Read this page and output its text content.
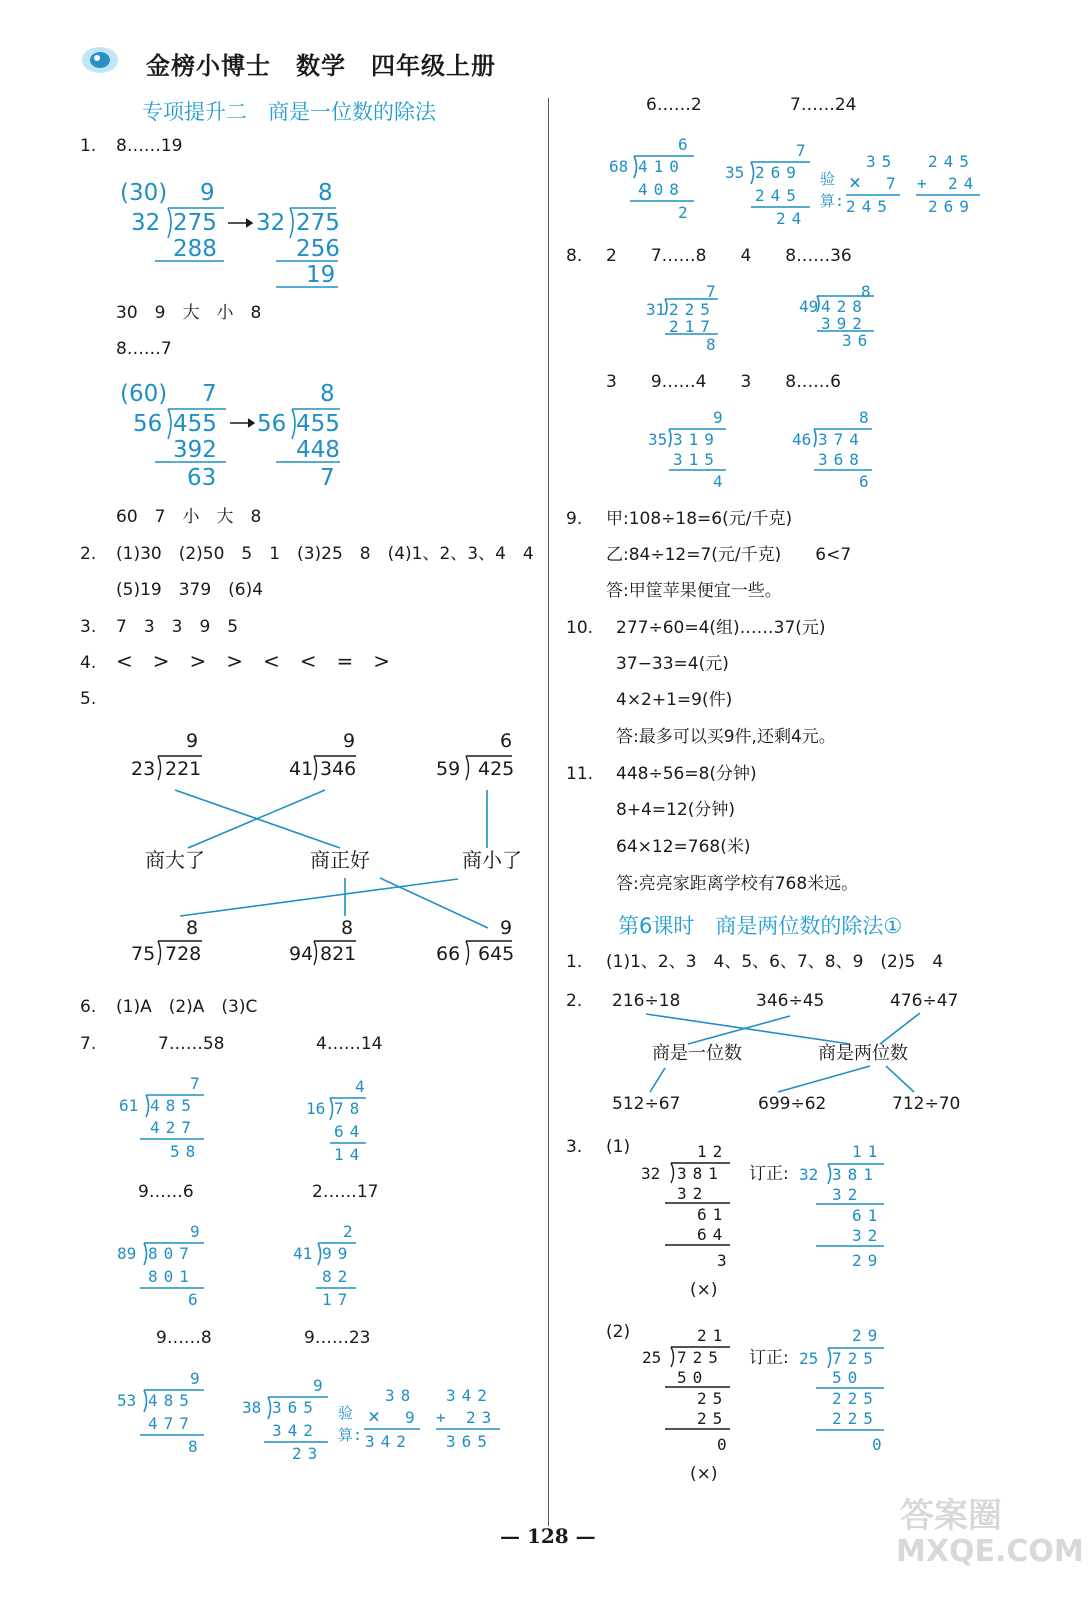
金榜小博士　数学　四年级上册
专项提升二　商是一位数的除法
1. 8……19
(30) 9
32 275
288
8
32 275
256
19
30　9　大　小　8
8……7
(60) 7
56 455
392
63
8
56 455
448
7
60　7　小　大　8
2. (1)30　(2)50　5　1　(3)25　8　(4)1、2、3、4　4
(5)19　379　(6)4
3. 7　3　3　9　5
4. <　>　>　>　<　<　=　>
5.
9
23 221
9
41 346
6
59 425
商大了	商正好	商小了
8
75 728
8
94 821
9
66 645
6. (1)A　(2)A　(3)C
7.	7……58	4……14
9……6	2……17
9……8	9……23
7
61 485
427
58
4
16 78
64
14
9
89 807
801
6
2
41 99
82
17
9
53 485
477
8
9
38 365
342
23
验
算:
38
× 9
342
342
+ 23
365
6……2	7……24
6
68 410
408
2
7
35 269
245
24
验
算:
35
× 7
245
245
+ 24
269
8. 2　　7……8　　4　　8……36
7
31 225
217
8
8
49 428
392
36
3　　9……4　　3　　8……6
9
35 319
315
4
8
46 374
368
6
9. 甲:108÷18=6(元/千克)
乙:84÷12=7(元/千克)　　6<7
答:甲筐苹果便宜一些。
10. 277÷60=4(组)……37(元)
37−33=4(元)
4×2+1=9(件)
答:最多可以买9件,还剩4元。
11. 448÷56=8(分钟)
8+4=12(分钟)
64×12=768(米)
答:亮亮家距离学校有768米远。
第6课时　商是两位数的除法①
1. (1)1、2、3　4、5、6、7、8、9　(2)5　4
2. 216÷18	346÷45	476÷47
商是一位数	商是两位数
512÷67	699÷62	712÷70
3. (1)	12
32 381
32
61
64
3
(×)
订正:
11
32 381
32
61
32
29
(2)	21
25 725
50
25
25
0
(×)
订正:
29
25 725
50
225
225
0
— 128 —	答案圈
MXQE.COM
